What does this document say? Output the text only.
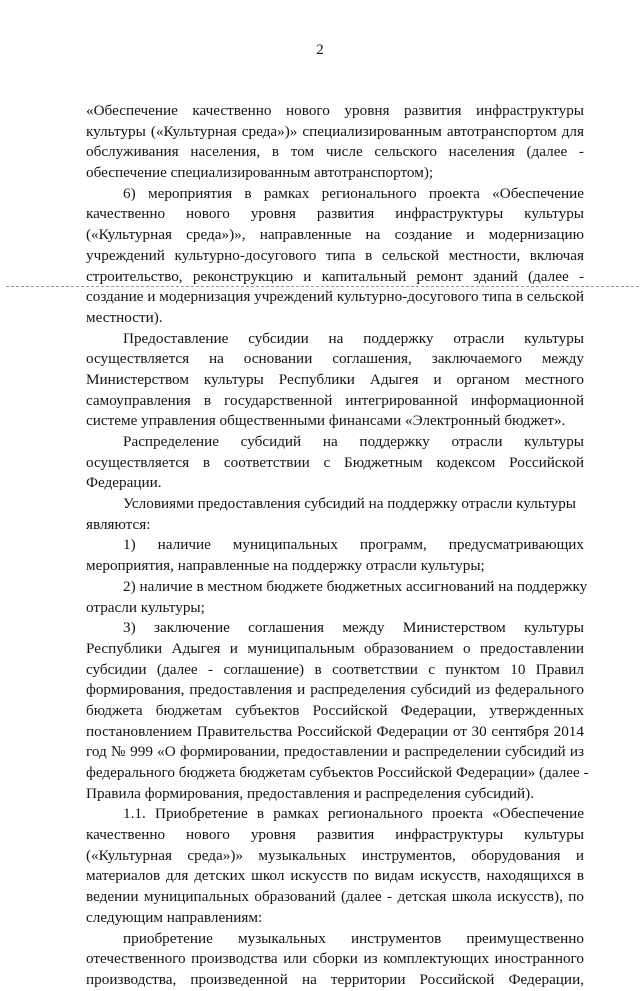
2
«Обеспечение качественно нового уровня развития инфраструктуры
культуры («Культурная среда»)» специализированным автотранспортом для
обслуживания населения, в том числе сельского населения (далее -
обеспечение специализированным автотранспортом);
6) мероприятия в рамках регионального проекта «Обеспечение
качественно нового уровня развития инфраструктуры культуры
(«Культурная среда»)», направленные на создание и модернизацию
учреждений культурно-досугового типа в сельской местности, включая
строительство, реконструкцию и капитальный ремонт зданий (далее -
создание и модернизация учреждений культурно-досугового типа в сельской
местности).
Предоставление субсидии на поддержку отрасли культуры
осуществляется на основании соглашения, заключаемого между
Министерством культуры Республики Адыгея и органом местного
самоуправления в государственной интегрированной информационной
системе управления общественными финансами «Электронный бюджет».
Распределение субсидий на поддержку отрасли культуры
осуществляется в соответствии с Бюджетным кодексом Российской
Федерации.
Условиями предоставления субсидий на поддержку отрасли культуры
являются:
1) наличие муниципальных программ, предусматривающих
мероприятия, направленные на поддержку отрасли культуры;
2) наличие в местном бюджете бюджетных ассигнований на поддержку
отрасли культуры;
3) заключение соглашения между Министерством культуры
Республики Адыгея и муниципальным образованием о предоставлении
субсидии (далее - соглашение) в соответствии с пунктом 10 Правил
формирования, предоставления и распределения субсидий из федерального
бюджета бюджетам субъектов Российской Федерации, утвержденных
постановлением Правительства Российской Федерации от 30 сентября 2014
год № 999 «О формировании, предоставлении и распределении субсидий из
федерального бюджета бюджетам субъектов Российской Федерации» (далее -
Правила формирования, предоставления и распределения субсидий).
1.1. Приобретение в рамках регионального проекта «Обеспечение
качественно нового уровня развития инфраструктуры культуры
(«Культурная среда»)» музыкальных инструментов, оборудования и
материалов для детских школ искусств по видам искусств, находящихся в
ведении муниципальных образований (далее - детская школа искусств), по
следующим направлениям:
приобретение музыкальных инструментов преимущественно
отечественного производства или сборки из комплектующих иностранного
производства, произведенной на территории Российской Федерации,
